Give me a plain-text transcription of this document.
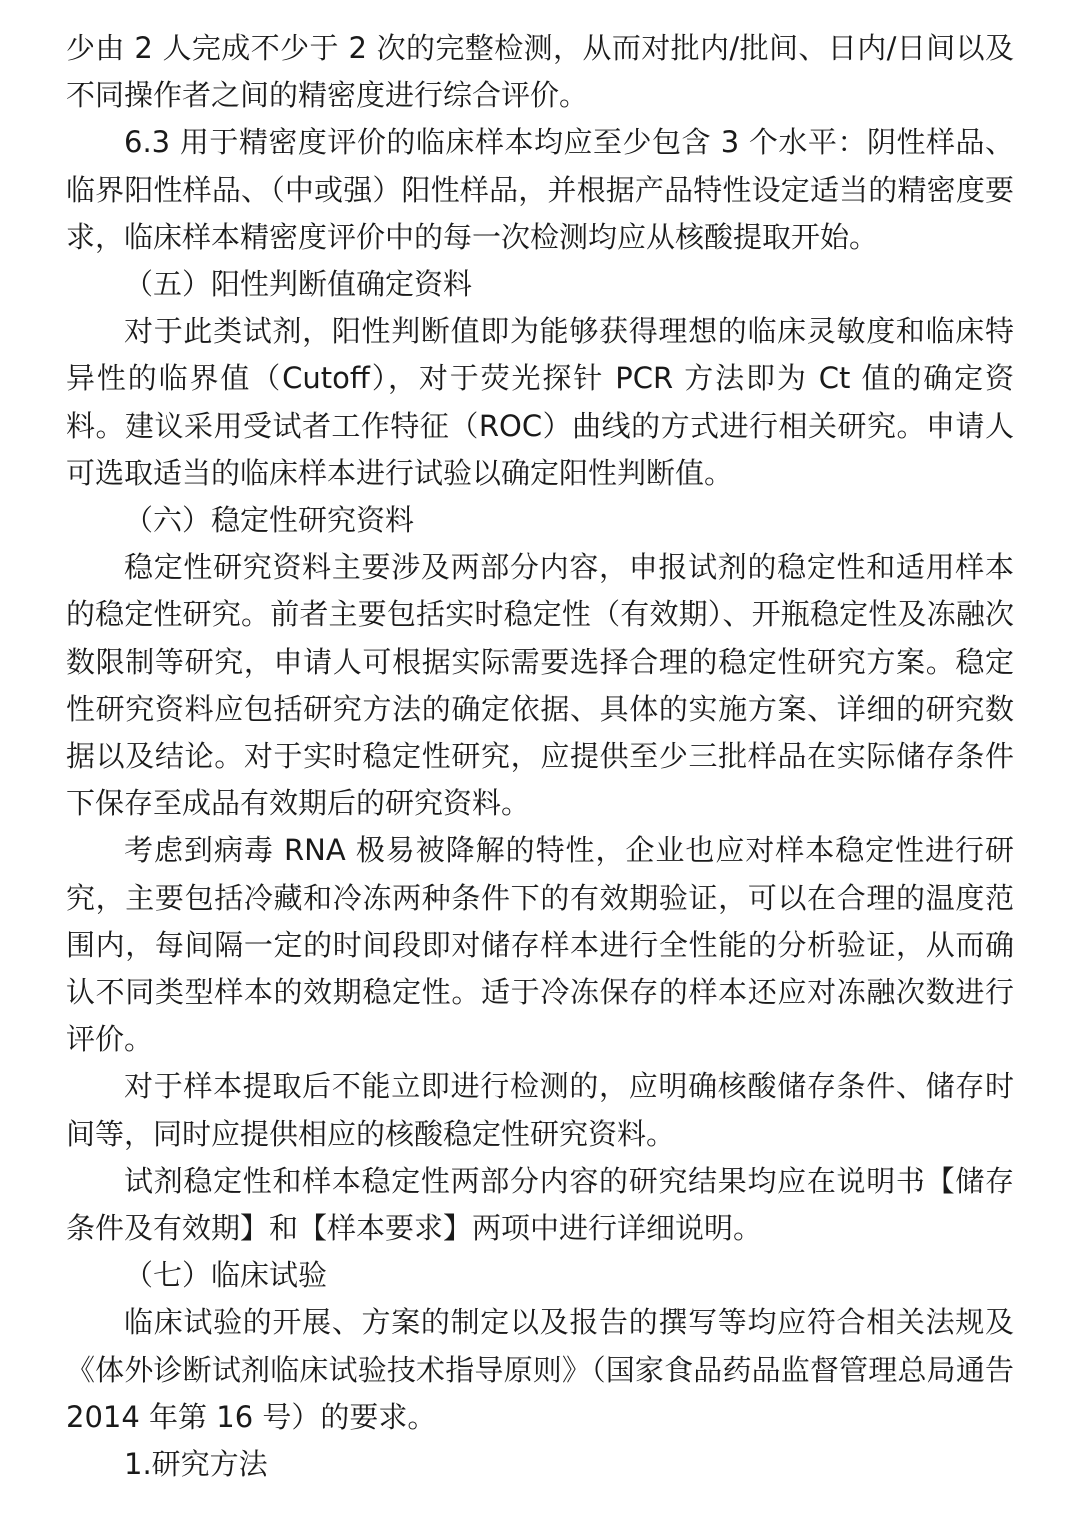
少由 2 人完成不少于 2 次的完整检测，从而对批内/批间、日内/日间以及不同操作者之间的精密度进行综合评价。

6.3 用于精密度评价的临床样本均应至少包含 3 个水平：阴性样品、临界阳性样品、（中或强）阳性样品，并根据产品特性设定适当的精密度要求，临床样本精密度评价中的每一次检测均应从核酸提取开始。

（五）阳性判断值确定资料

对于此类试剂，阳性判断值即为能够获得理想的临床灵敏度和临床特异性的临界值（Cutoff），对于荧光探针 PCR 方法即为 Ct 值的确定资料。建议采用受试者工作特征（ROC）曲线的方式进行相关研究。申请人可选取适当的临床样本进行试验以确定阳性判断值。

（六）稳定性研究资料

稳定性研究资料主要涉及两部分内容，申报试剂的稳定性和适用样本的稳定性研究。前者主要包括实时稳定性（有效期）、开瓶稳定性及冻融次数限制等研究，申请人可根据实际需要选择合理的稳定性研究方案。稳定性研究资料应包括研究方法的确定依据、具体的实施方案、详细的研究数据以及结论。对于实时稳定性研究，应提供至少三批样品在实际储存条件下保存至成品有效期后的研究资料。

考虑到病毒 RNA 极易被降解的特性，企业也应对样本稳定性进行研究，主要包括冷藏和冷冻两种条件下的有效期验证，可以在合理的温度范围内，每间隔一定的时间段即对储存样本进行全性能的分析验证，从而确认不同类型样本的效期稳定性。适于冷冻保存的样本还应对冻融次数进行评价。

对于样本提取后不能立即进行检测的，应明确核酸储存条件、储存时间等，同时应提供相应的核酸稳定性研究资料。

试剂稳定性和样本稳定性两部分内容的研究结果均应在说明书【储存条件及有效期】和【样本要求】两项中进行详细说明。

（七）临床试验

临床试验的开展、方案的制定以及报告的撰写等均应符合相关法规及《体外诊断试剂临床试验技术指导原则》（国家食品药品监督管理总局通告 2014 年第 16 号）的要求。

1.研究方法
